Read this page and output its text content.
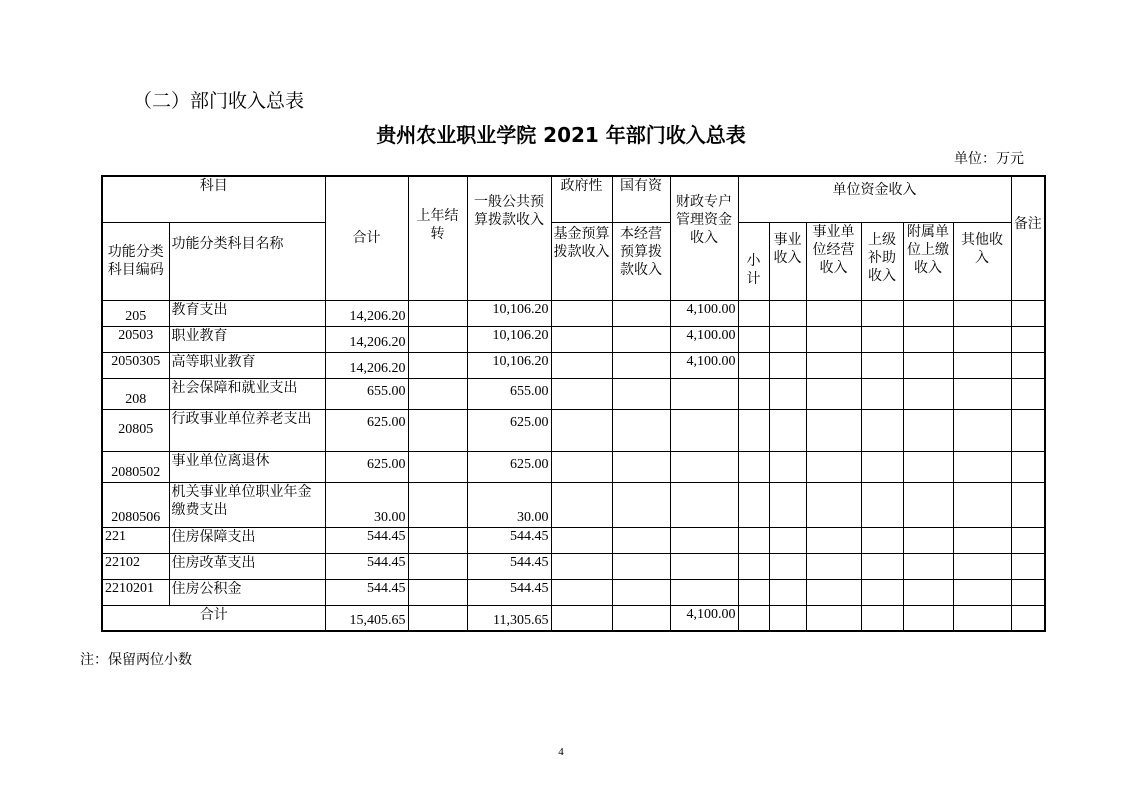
（二）部门收入总表
贵州农业职业学院 2021 年部门收入总表
单位：万元
科目		合计	上年结转	一般公共预算拨款收入	政府性	国有资	财政专户管理资金收入	单位资金收入						备注
功能分类科目编码	功能分类科目名称				基金预算拨款收入	本经营预算拨款收入		小计	事业收入	事业单位经营收入	上级补助收入	附属单位上缴收入	其他收入	
205	教育支出	14,206.20		10,106.20			4,100.00							
20503	职业教育	14,206.20		10,106.20			4,100.00							
2050305	高等职业教育	14,206.20		10,106.20			4,100.00							
208	社会保障和就业支出	655.00		655.00										
20805	行政事业单位养老支出	625.00		625.00										
2080502	事业单位离退休	625.00		625.00										
2080506	机关事业单位职业年金缴费支出	30.00		30.00										
221	住房保障支出	544.45		544.45										
22102	住房改革支出	544.45		544.45										
2210201	住房公积金	544.45		544.45										
合计		15,405.65		11,305.65			4,100.00							
注：保留两位小数
4
